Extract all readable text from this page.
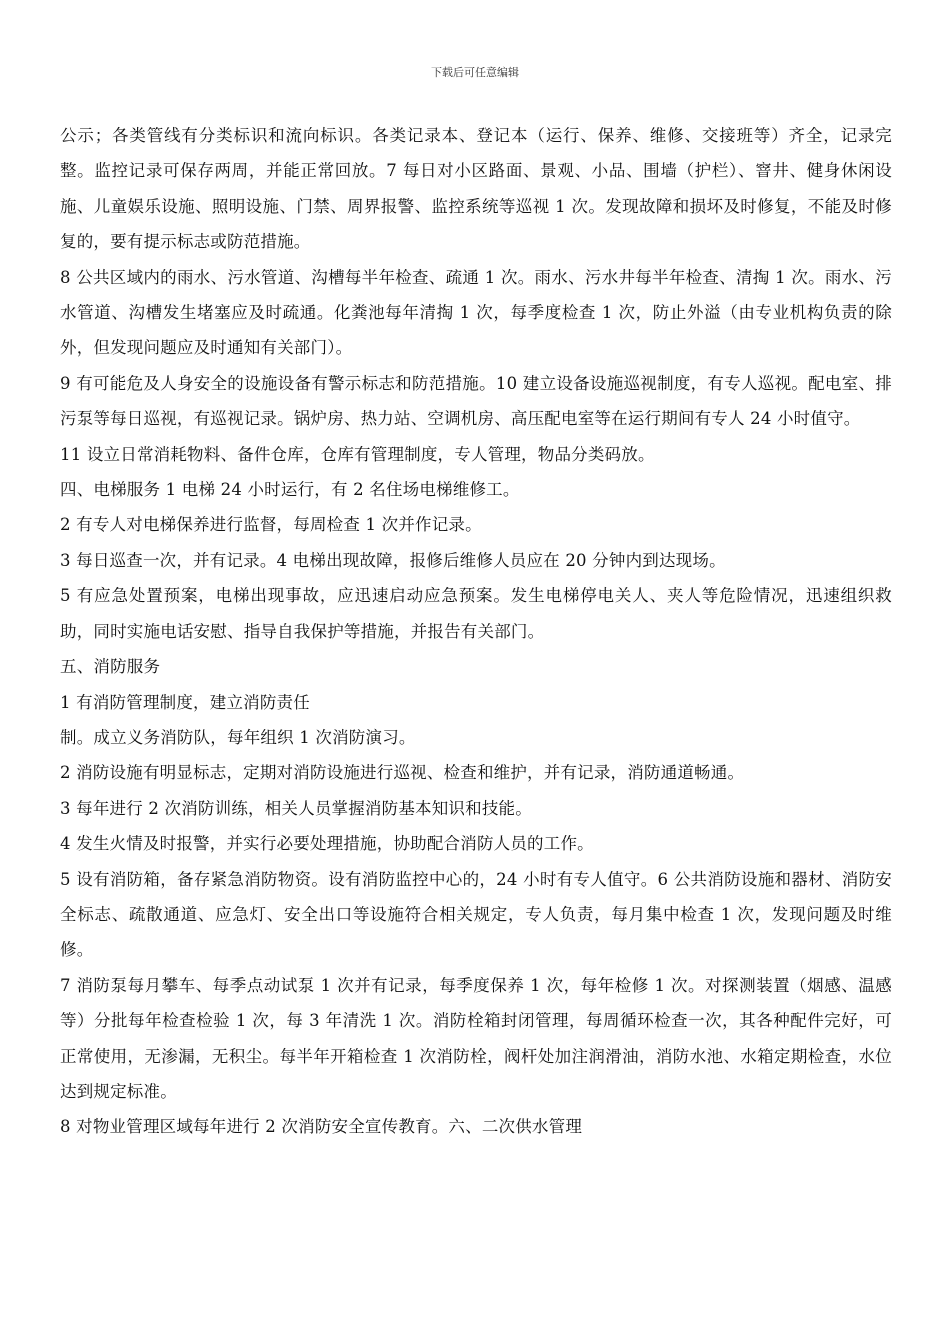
下载后可任意编辑

公示；各类管线有分类标识和流向标识。各类记录本、登记本（运行、保养、维修、交接班等）齐全，记录完整。监控记录可保存两周，并能正常回放。7 每日对小区路面、景观、小品、围墙（护栏）、窨井、健身休闲设施、儿童娱乐设施、照明设施、门禁、周界报警、监控系统等巡视 1 次。发现故障和损坏及时修复，不能及时修复的，要有提示标志或防范措施。

8 公共区域内的雨水、污水管道、沟槽每半年检查、疏通 1 次。雨水、污水井每半年检查、清掏 1 次。雨水、污水管道、沟槽发生堵塞应及时疏通。化粪池每年清掏 1 次，每季度检查 1 次，防止外溢（由专业机构负责的除外，但发现问题应及时通知有关部门）。

9 有可能危及人身安全的设施设备有警示标志和防范措施。10 建立设备设施巡视制度，有专人巡视。配电室、排污泵等每日巡视，有巡视记录。锅炉房、热力站、空调机房、高压配电室等在运行期间有专人 24 小时值守。

11 设立日常消耗物料、备件仓库，仓库有管理制度，专人管理，物品分类码放。

四、电梯服务 1 电梯 24 小时运行，有 2 名住场电梯维修工。

2 有专人对电梯保养进行监督，每周检查 1 次并作记录。

3 每日巡查一次，并有记录。4 电梯出现故障，报修后维修人员应在 20 分钟内到达现场。

5 有应急处置预案，电梯出现事故，应迅速启动应急预案。发生电梯停电关人、夹人等危险情况，迅速组织救助，同时实施电话安慰、指导自我保护等措施，并报告有关部门。

五、消防服务

1 有消防管理制度，建立消防责任

制。成立义务消防队，每年组织 1 次消防演习。

2 消防设施有明显标志，定期对消防设施进行巡视、检查和维护，并有记录，消防通道畅通。

3 每年进行 2 次消防训练，相关人员掌握消防基本知识和技能。

4 发生火情及时报警，并实行必要处理措施，协助配合消防人员的工作。

5 设有消防箱，备存紧急消防物资。设有消防监控中心的，24 小时有专人值守。6 公共消防设施和器材、消防安全标志、疏散通道、应急灯、安全出口等设施符合相关规定，专人负责，每月集中检查 1 次，发现问题及时维修。

7 消防泵每月攀车、每季点动试泵 1 次并有记录，每季度保养 1 次，每年检修 1 次。对探测装置（烟感、温感等）分批每年检查检验 1 次，每 3 年清洗 1 次。消防栓箱封闭管理，每周循环检查一次，其各种配件完好，可正常使用，无渗漏，无积尘。每半年开箱检查 1 次消防栓，阀杆处加注润滑油，消防水池、水箱定期检查，水位达到规定标准。

8 对物业管理区域每年进行 2 次消防安全宣传教育。六、二次供水管理
